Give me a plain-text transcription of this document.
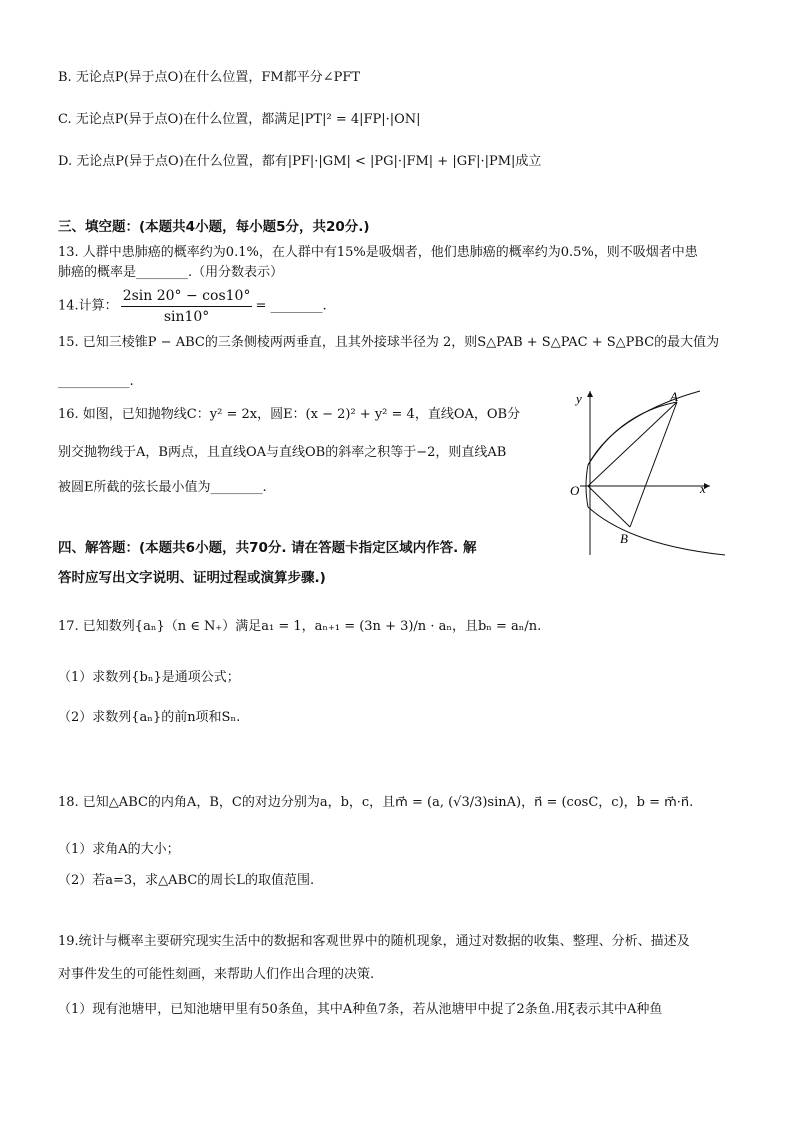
B. 无论点P(异于点O)在什么位置，FM都平分∠PFT
C. 无论点P(异于点O)在什么位置，都满足|PT|² = 4|FP|·|ON|
D. 无论点P(异于点O)在什么位置，都有|PF|·|GM| < |PG|·|FM| + |GF|·|PM|成立
三、填空题：(本题共4小题，每小题5分，共20分.)
13. 人群中患肺癌的概率约为0.1%，在人群中有15%是吸烟者，他们患肺癌的概率约为0.5%，则不吸烟者中患
肺癌的概率是________.（用分数表示）
14.计算： $\frac{2\sin 20^\circ - \cos 10^\circ}{\sin 10^\circ}$ = ________.
15. 已知三棱锥P − ABC的三条侧棱两两垂直，且其外接球半径为 2，则S△PAB + S△PAC + S△PBC的最大值为
___________.
16. 如图，已知抛物线C：y² = 2x，圆E：(x − 2)² + y² = 4，直线OA，OB分
别交抛物线于A，B两点，且直线OA与直线OB的斜率之积等于−2，则直线AB
被圆E所截的弦长最小值为________.
y
x
O
A
B
四、解答题：(本题共6小题，共70分. 请在答题卡指定区域内作答. 解
答时应写出文字说明、证明过程或演算步骤.)
17. 已知数列{aₙ}（n ∈ N₊）满足a₁ = 1，aₙ₊₁ = (3n + 3)/n · aₙ，且bₙ = aₙ/n.
（1）求数列{bₙ}是通项公式；
（2）求数列{aₙ}的前n项和Sₙ.
18. 已知△ABC的内角A，B，C的对边分别为a，b，c，且m⃗ = (a, (√3/3)sinA)，n⃗ = (cosC，c)，b = m⃗·n⃗.
（1）求角A的大小；
（2）若a=3，求△ABC的周长L的取值范围.
19.统计与概率主要研究现实生活中的数据和客观世界中的随机现象，通过对数据的收集、整理、分析、描述及
对事件发生的可能性刻画，来帮助人们作出合理的决策.
（1）现有池塘甲，已知池塘甲里有50条鱼，其中A种鱼7条，若从池塘甲中捉了2条鱼.用ξ表示其中A种鱼
